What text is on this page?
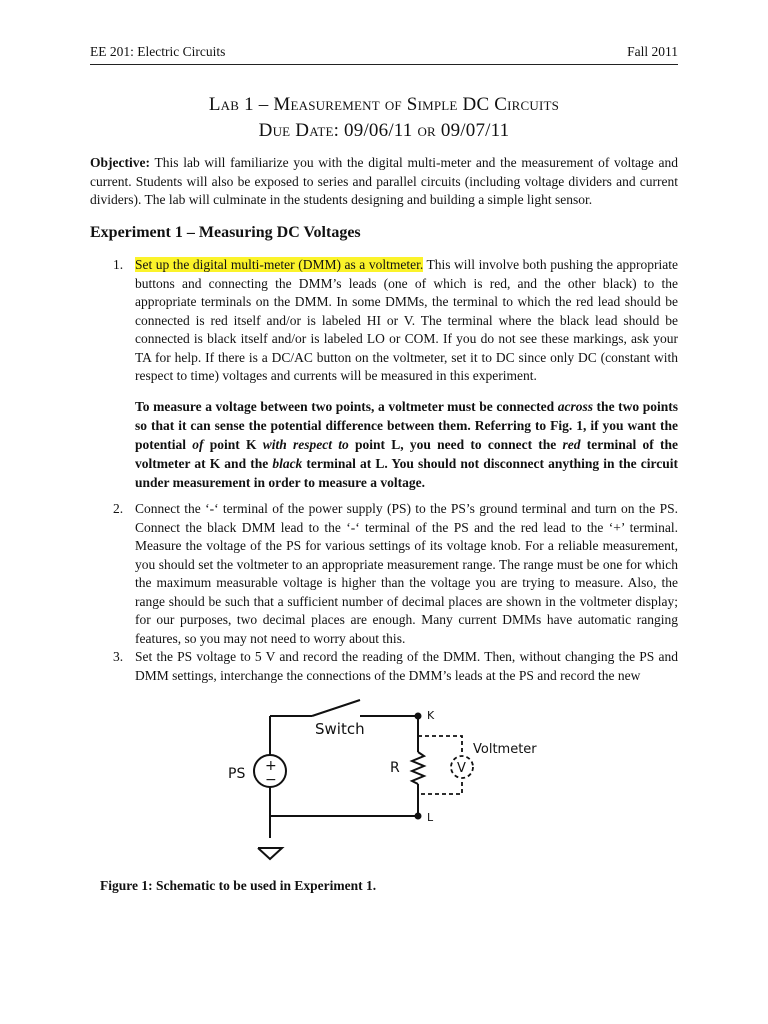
EE 201: Electric Circuits	Fall 2011
Lab 1 – Measurement of Simple DC Circuits
Due Date: 09/06/11 or 09/07/11
Objective: This lab will familiarize you with the digital multi-meter and the measurement of voltage and current. Students will also be exposed to series and parallel circuits (including voltage dividers and current dividers). The lab will culminate in the students designing and building a simple light sensor.
Experiment 1 – Measuring DC Voltages
1. Set up the digital multi-meter (DMM) as a voltmeter. This will involve both pushing the appropriate buttons and connecting the DMM’s leads (one of which is red, and the other black) to the appropriate terminals on the DMM. In some DMMs, the terminal to which the red lead should be connected is red itself and/or is labeled HI or V. The terminal where the black lead should be connected is black itself and/or is labeled LO or COM. If you do not see these markings, ask your TA for help. If there is a DC/AC button on the voltmeter, set it to DC since only DC (constant with respect to time) voltages and currents will be measured in this experiment.
To measure a voltage between two points, a voltmeter must be connected across the two points so that it can sense the potential difference between them. Referring to Fig. 1, if you want the potential of point K with respect to point L, you need to connect the red terminal of the voltmeter at K and the black terminal at L. You should not disconnect anything in the circuit under measurement in order to measure a voltage.
2. Connect the ‘-‘ terminal of the power supply (PS) to the PS’s ground terminal and turn on the PS. Connect the black DMM lead to the ‘-‘ terminal of the PS and the red lead to the ‘+’ terminal. Measure the voltage of the PS for various settings of its voltage knob. For a reliable measurement, you should set the voltmeter to an appropriate measurement range. The range must be one for which the maximum measurable voltage is higher than the voltage you are trying to measure. Also, the range should be such that a sufficient number of decimal places are shown in the voltmeter display; for our purposes, two decimal places are enough. Many current DMMs have automatic ranging features, so you may not need to worry about this.
3. Set the PS voltage to 5 V and record the reading of the DMM. Then, without changing the PS and DMM settings, interchange the connections of the DMM’s leads at the PS and record the new
Switch
PS	R
K
L
Voltmeter
V
+
−
Figure 1: Schematic to be used in Experiment 1.
